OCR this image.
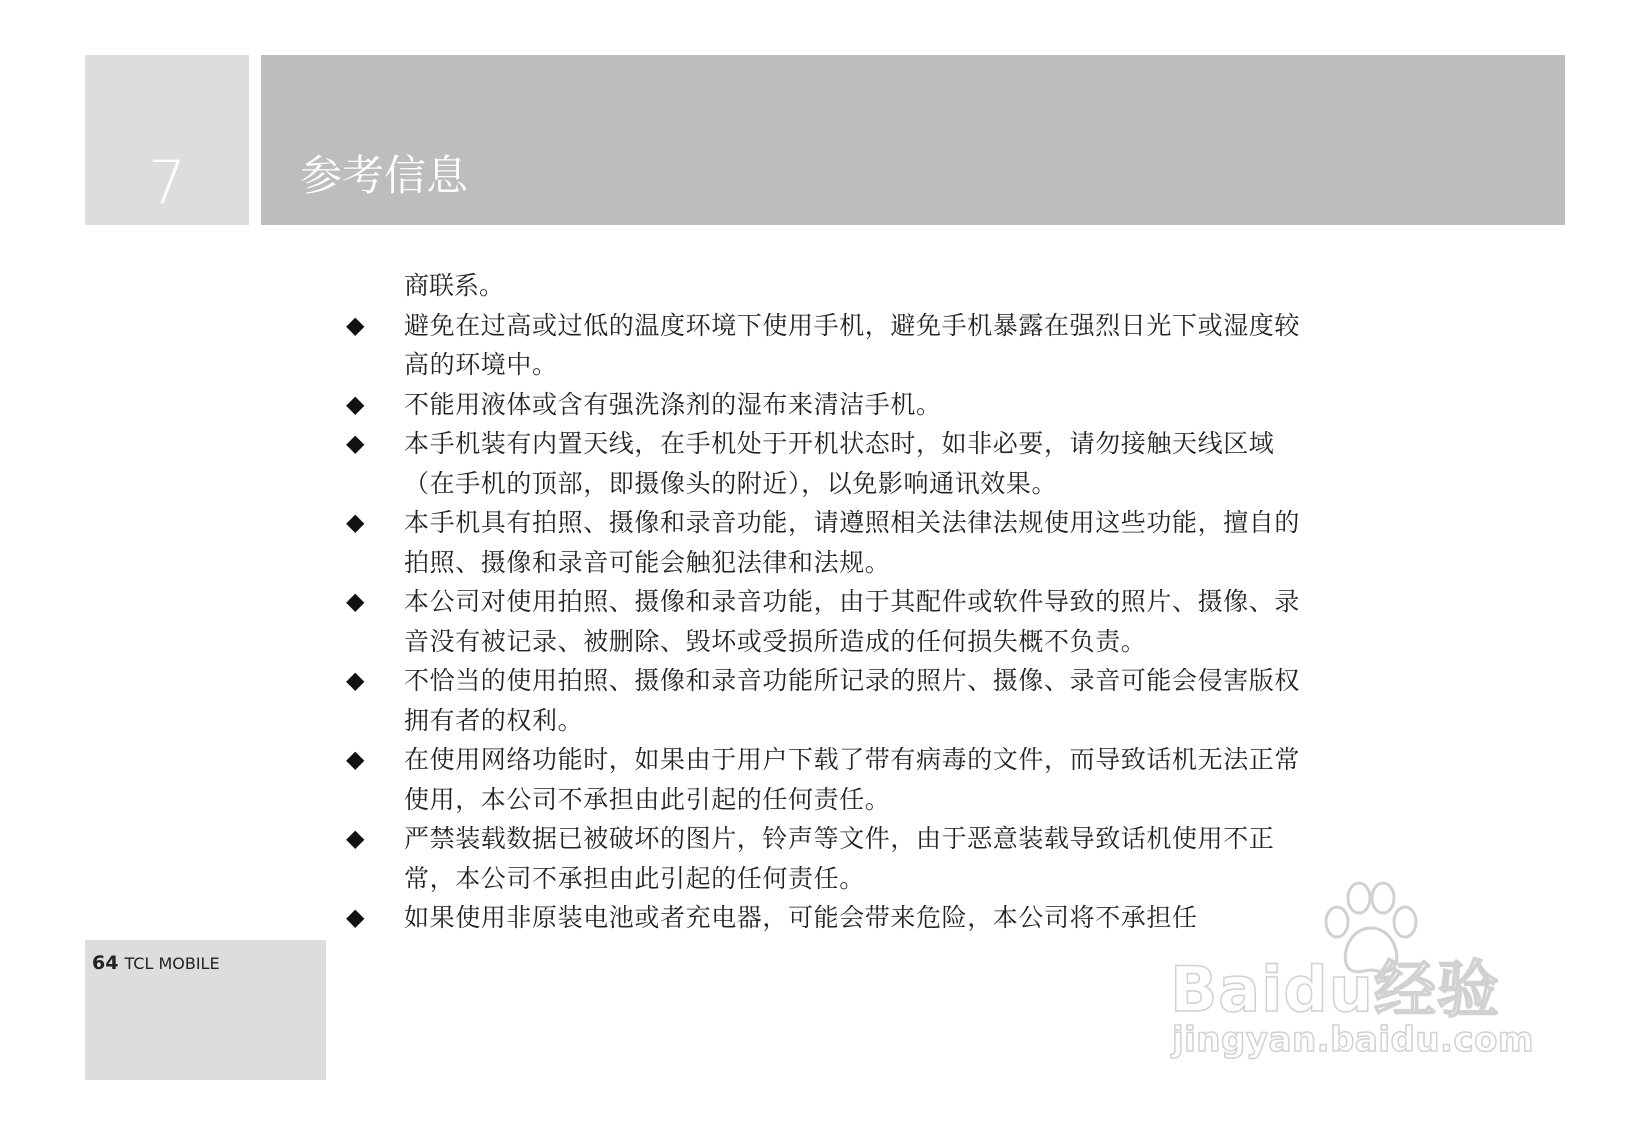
7	参考信息
商联系。
◆	避免在过高或过低的温度环境下使用手机，避免手机暴露在强烈日光下或湿度较高的环境中。
◆	不能用液体或含有强洗涤剂的湿布来清洁手机。
◆	本手机装有内置天线，在手机处于开机状态时，如非必要，请勿接触天线区域（在手机的顶部，即摄像头的附近），以免影响通讯效果。
◆	本手机具有拍照、摄像和录音功能，请遵照相关法律法规使用这些功能，擅自的拍照、摄像和录音可能会触犯法律和法规。
◆	本公司对使用拍照、摄像和录音功能，由于其配件或软件导致的照片、摄像、录音没有被记录、被删除、毁坏或受损所造成的任何损失概不负责。
◆	不恰当的使用拍照、摄像和录音功能所记录的照片、摄像、录音可能会侵害版权拥有者的权利。
◆	在使用网络功能时，如果由于用户下载了带有病毒的文件，而导致话机无法正常使用，本公司不承担由此引起的任何责任。
◆	严禁装载数据已被破坏的图片，铃声等文件，由于恶意装载导致话机使用不正常，本公司不承担由此引起的任何责任。
◆	如果使用非原装电池或者充电器，可能会带来危险，本公司将不承担任
64 TCL MOBILE	Baidu经验
jingyan.baidu.com
